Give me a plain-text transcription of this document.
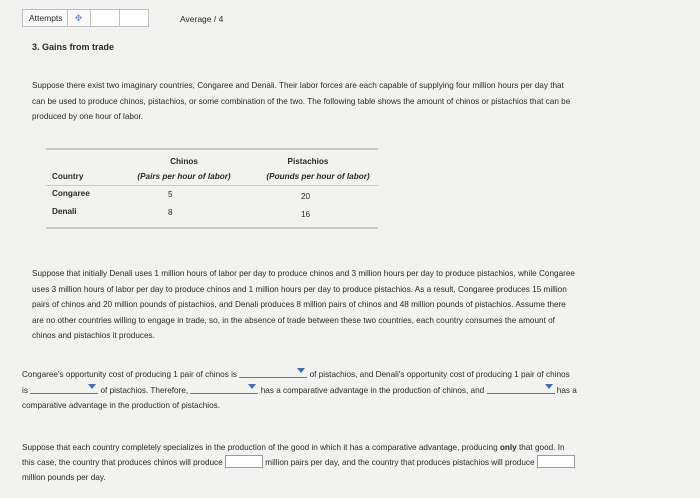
Attempts	✥	Average / 4
3. Gains from trade
Suppose there exist two imaginary countries, Congaree and Denali. Their labor forces are each capable of supplying four million hours per day that
can be used to produce chinos, pistachios, or some combination of the two. The following table shows the amount of chinos or pistachios that can be
produced by one hour of labor.
Chinos	Pistachios
Country	(Pairs per hour of labor)	(Pounds per hour of labor)
Congaree	5	20
Denali	8	16
Suppose that initially Denali uses 1 million hours of labor per day to produce chinos and 3 million hours per day to produce pistachios, while Congaree
uses 3 million hours of labor per day to produce chinos and 1 million hours per day to produce pistachios. As a result, Congaree produces 15 million
pairs of chinos and 20 million pounds of pistachios, and Denali produces 8 million pairs of chinos and 48 million pounds of pistachios. Assume there
are no other countries willing to engage in trade, so, in the absence of trade between these two countries, each country consumes the amount of
chinos and pistachios it produces.
Congaree's opportunity cost of producing 1 pair of chinos is	of pistachios, and Denali's opportunity cost of producing 1 pair of chinos
is	of pistachios. Therefore,	has a comparative advantage in the production of chinos, and	has a
comparative advantage in the production of pistachios.
Suppose that each country completely specializes in the production of the good in which it has a comparative advantage, producing only that good. In
this case, the country that produces chinos will produce	million pairs per day, and the country that produces pistachios will produce
million pounds per day.
